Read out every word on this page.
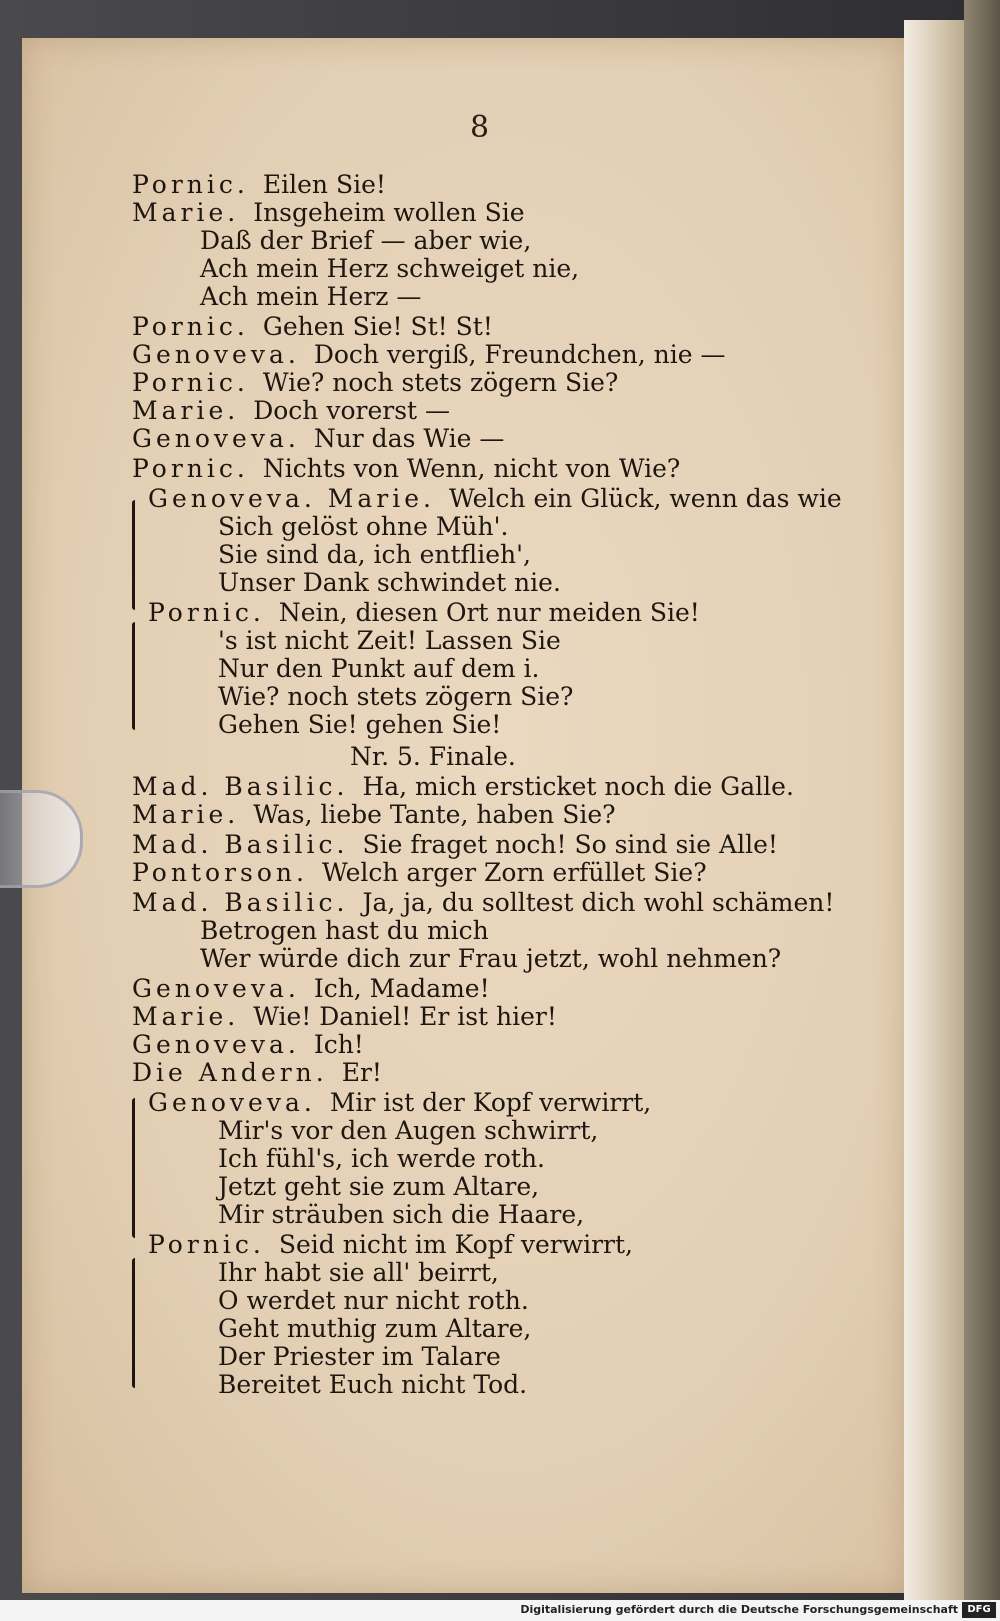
8
Pornic. Eilen Sie!
Marie. Insgeheim wollen Sie
Daß der Brief — aber wie,
Ach mein Herz schweiget nie,
Ach mein Herz —
Pornic. Gehen Sie! St! St!
Genoveva. Doch vergiß, Freundchen, nie —
Pornic. Wie? noch stets zögern Sie?
Marie. Doch vorerst —
Genoveva. Nur das Wie —
Pornic. Nichts von Wenn, nicht von Wie?
Genoveva. Marie. Welch ein Glück, wenn das wie
Sich gelöst ohne Müh'.
Sie sind da, ich entflieh',
Unser Dank schwindet nie.
Pornic. Nein, diesen Ort nur meiden Sie!
's ist nicht Zeit! Lassen Sie
Nur den Punkt auf dem i.
Wie? noch stets zögern Sie?
Gehen Sie! gehen Sie!
Nr. 5. Finale.
Mad. Basilic. Ha, mich ersticket noch die Galle.
Marie. Was, liebe Tante, haben Sie?
Mad. Basilic. Sie fraget noch! So sind sie Alle!
Pontorson. Welch arger Zorn erfüllet Sie?
Mad. Basilic. Ja, ja, du solltest dich wohl schämen!
Betrogen hast du mich
Wer würde dich zur Frau jetzt, wohl nehmen?
Genoveva. Ich, Madame!
Marie. Wie! Daniel! Er ist hier!
Genoveva. Ich!
Die Andern. Er!
Genoveva. Mir ist der Kopf verwirrt,
Mir's vor den Augen schwirrt,
Ich fühl's, ich werde roth.
Jetzt geht sie zum Altare,
Mir sträuben sich die Haare,
Pornic. Seid nicht im Kopf verwirrt,
Ihr habt sie all' beirrt,
O werdet nur nicht roth.
Geht muthig zum Altare,
Der Priester im Talare
Bereitet Euch nicht Tod.
Digitalisierung gefördert durch die Deutsche Forschungsgemeinschaft DFG
